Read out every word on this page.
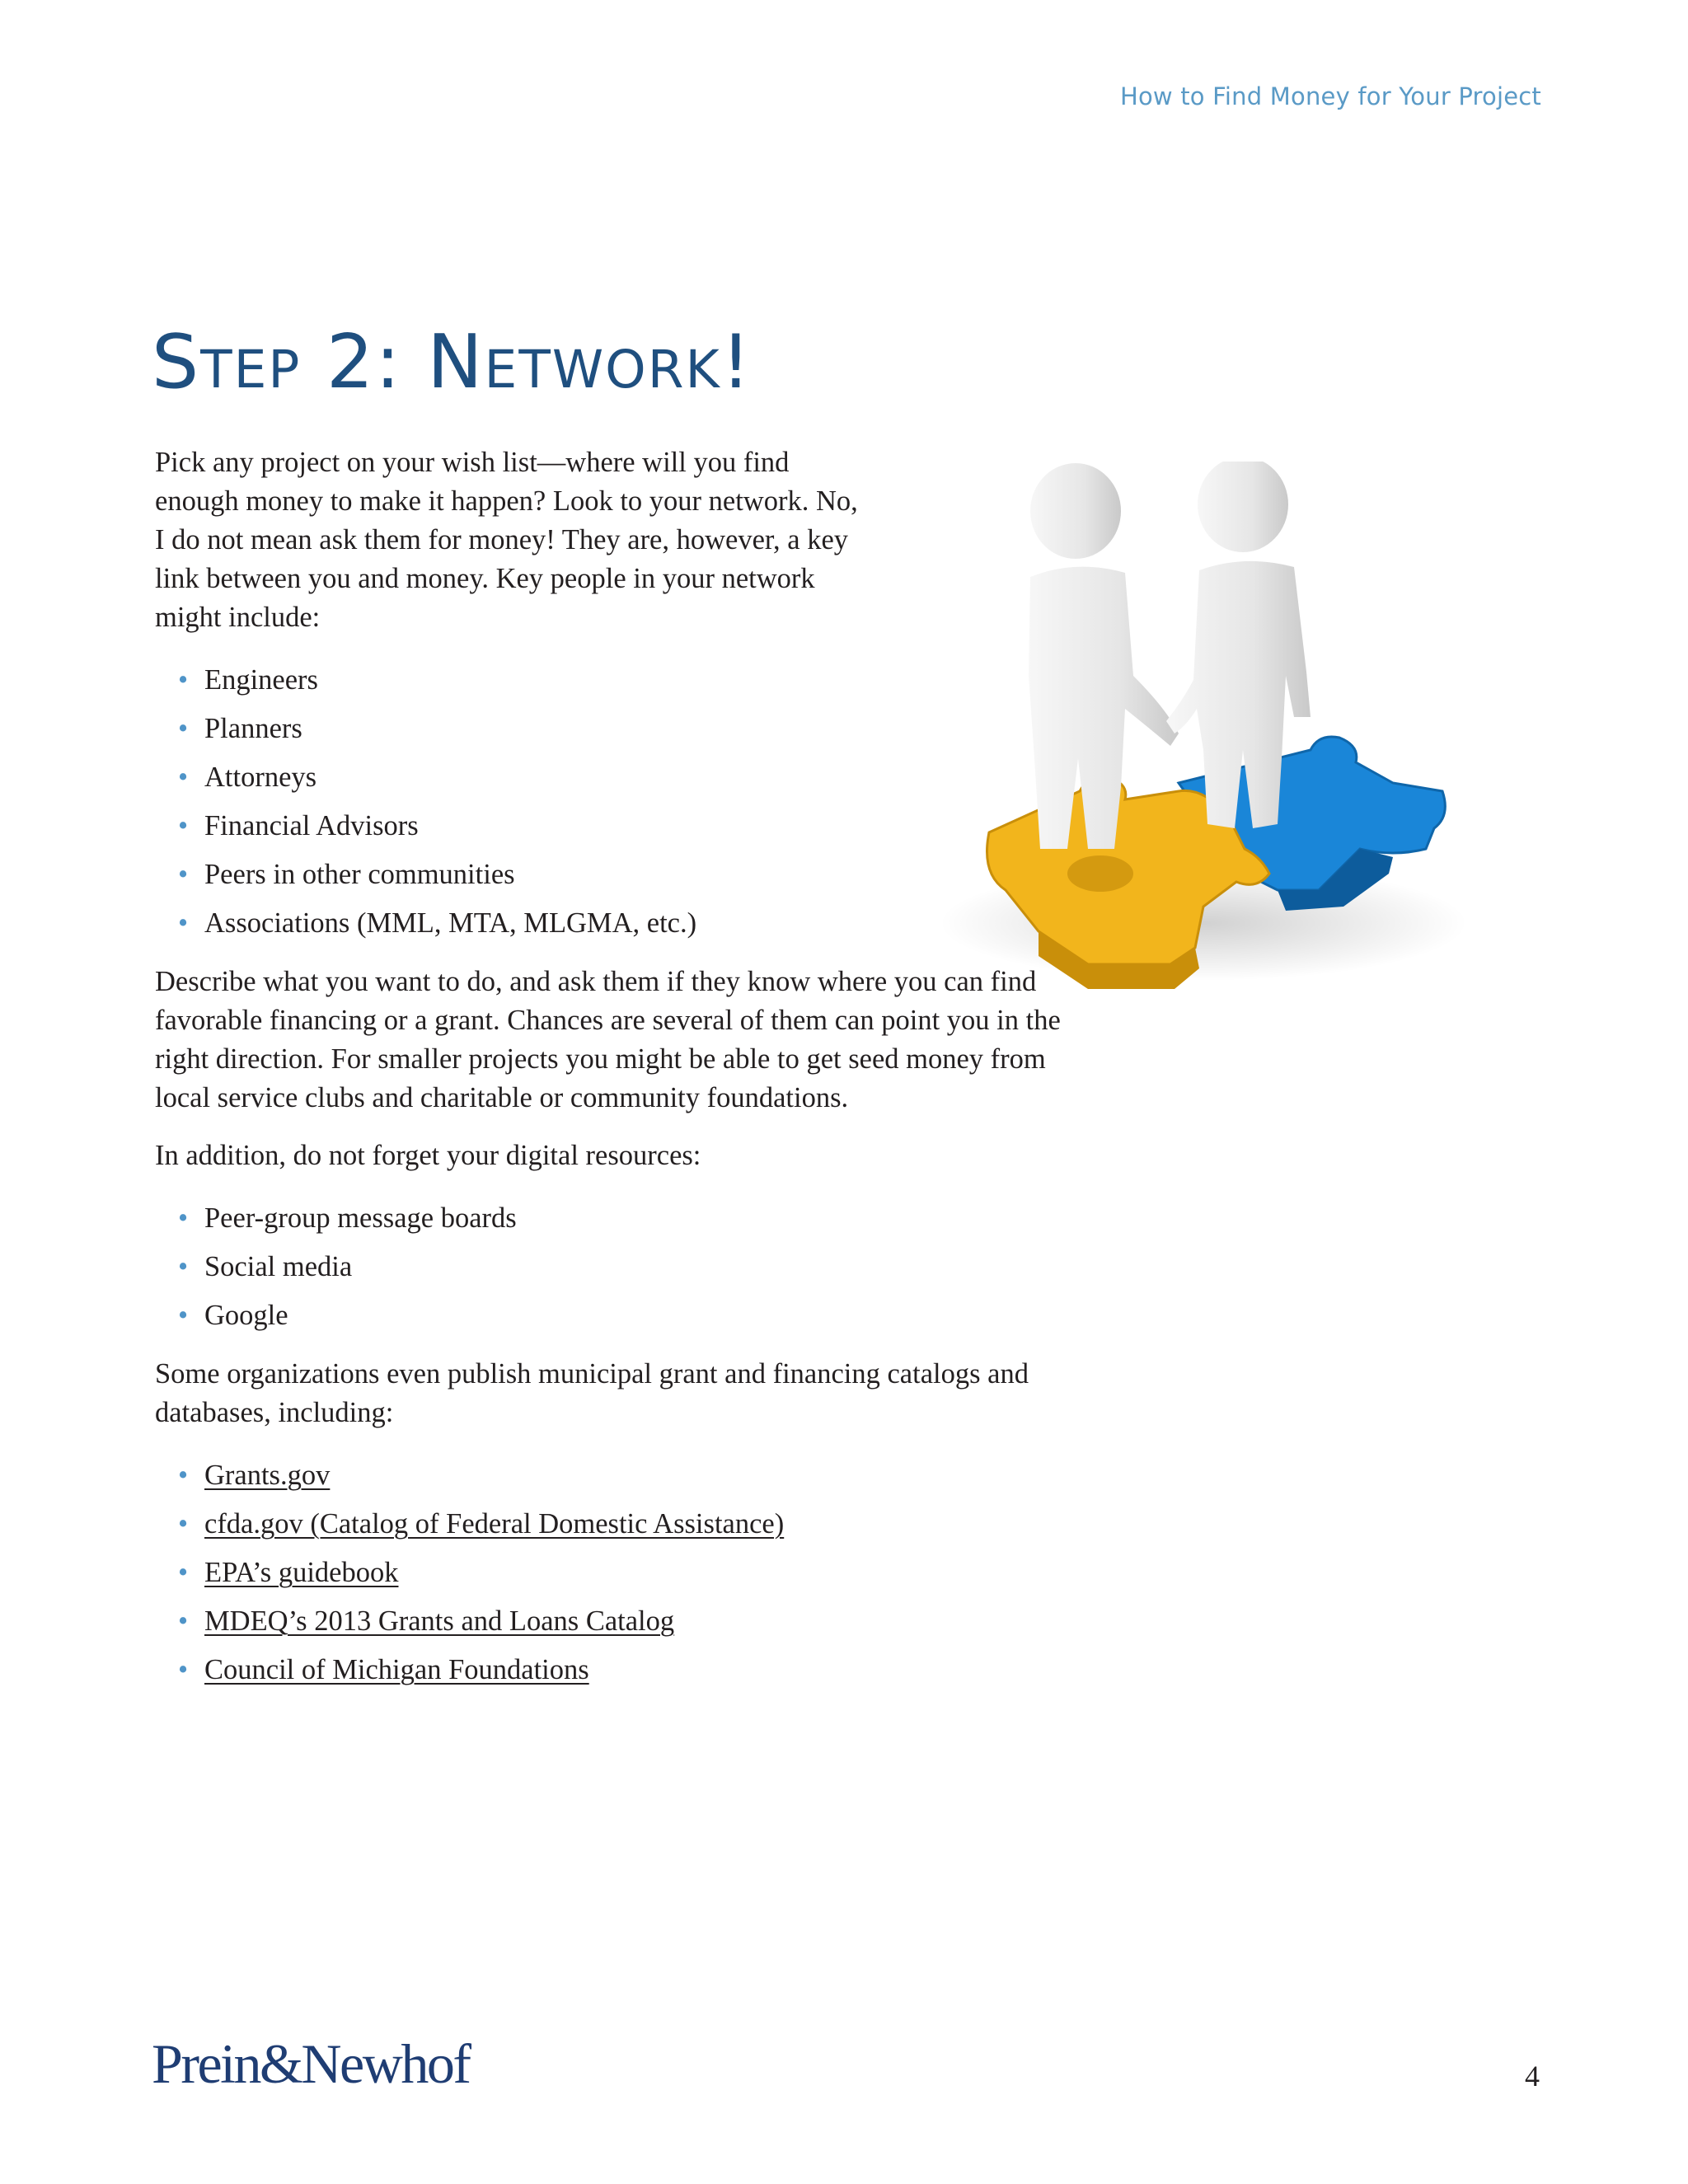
How to Find Money for Your Project
Step 2: Network!

Pick any project on your wish list—where will you find enough money to make it happen? Look to your network. No, I do not mean ask them for money! They are, however, a key link between you and money. Key people in your network might include:

• Engineers
• Planners
• Attorneys
• Financial Advisors
• Peers in other communities
• Associations (MML, MTA, MLGMA, etc.)

Describe what you want to do, and ask them if they know where you can find favorable financing or a grant. Chances are several of them can point you in the right direction. For smaller projects you might be able to get seed money from local service clubs and charitable or community foundations.

In addition, do not forget your digital resources:

• Peer-group message boards
• Social media
• Google

Some organizations even publish municipal grant and financing catalogs and databases, including:

• Grants.gov
• cfda.gov (Catalog of Federal Domestic Assistance)
• EPA’s guidebook
• MDEQ’s 2013 Grants and Loans Catalog
• Council of Michigan Foundations
Prein&Newhof	4
